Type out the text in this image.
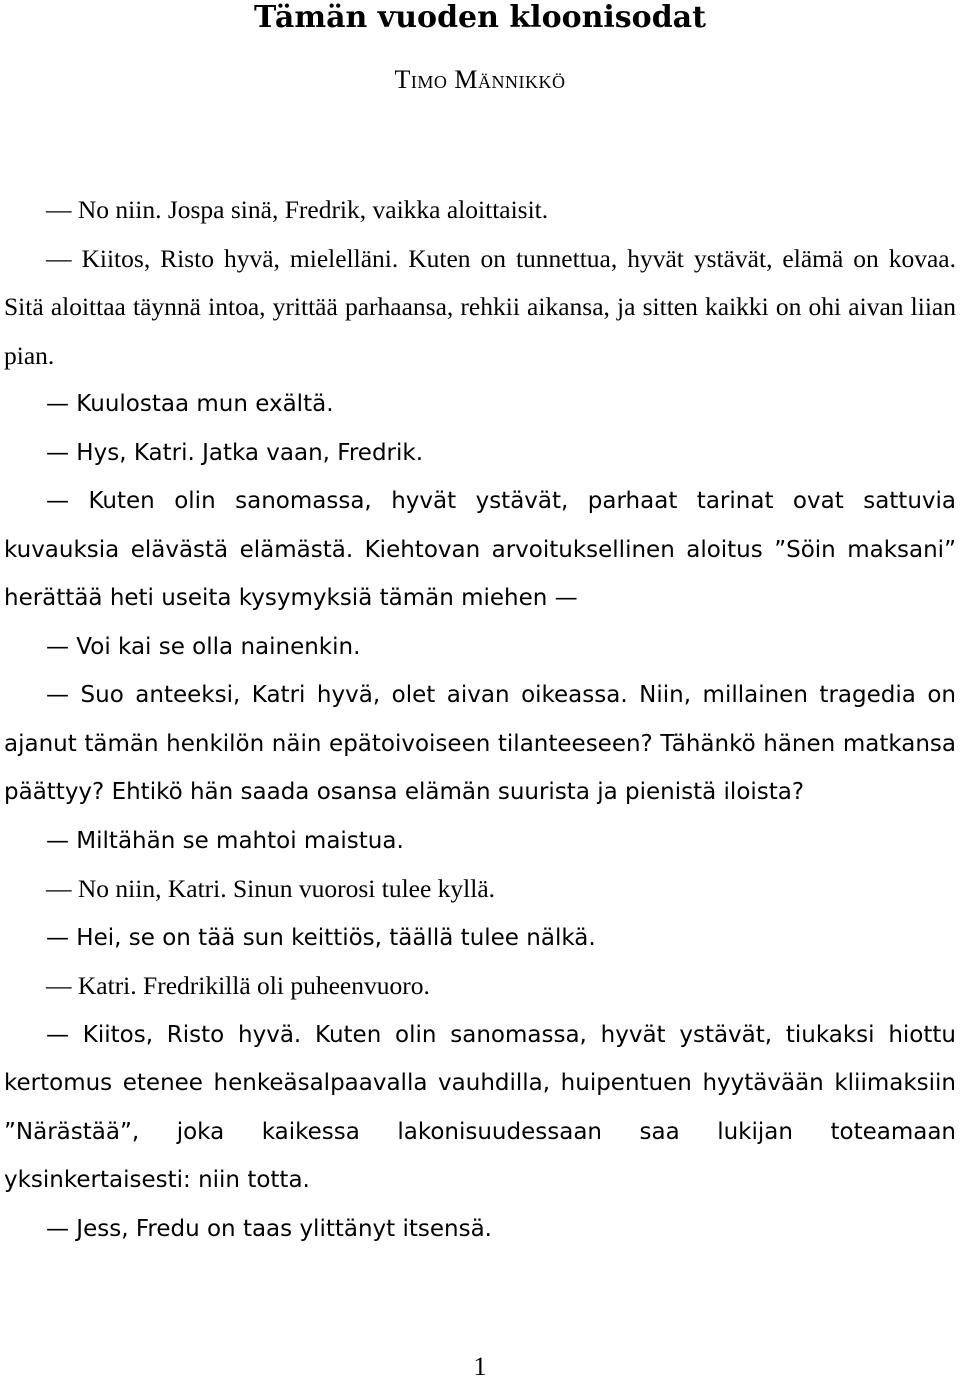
Tämän vuoden kloonisodat
Timo Männikkö

— No niin. Jospa sinä, Fredrik, vaikka aloittaisit.

— Kiitos, Risto hyvä, mielelläni. Kuten on tunnettua, hyvät ystävät, elämä on kovaa. Sitä aloittaa täynnä intoa, yrittää parhaansa, rehkii aikansa, ja sitten kaikki on ohi aivan liian pian.

— Kuulostaa mun exältä.

— Hys, Katri. Jatka vaan, Fredrik.

— Kuten olin sanomassa, hyvät ystävät, parhaat tarinat ovat sattuvia kuvauksia elävästä elämästä. Kiehtovan arvoituksellinen aloitus ”Söin maksani” herättää heti useita kysymyksiä tämän miehen —

— Voi kai se olla nainenkin.

— Suo anteeksi, Katri hyvä, olet aivan oikeassa. Niin, millainen tragedia on ajanut tämän henkilön näin epätoivoiseen tilanteeseen? Tähänkö hänen matkansa päättyy? Ehtikö hän saada osansa elämän suurista ja pienistä iloista?

— Miltähän se mahtoi maistua.

— No niin, Katri. Sinun vuorosi tulee kyllä.

— Hei, se on tää sun keittiös, täällä tulee nälkä.

— Katri. Fredrikillä oli puheenvuoro.

— Kiitos, Risto hyvä. Kuten olin sanomassa, hyvät ystävät, tiukaksi hiottu kertomus etenee henkeäsalpaavalla vauhdilla, huipentuen hyytävään kliimaksiin ”Närästää”, joka kaikessa lakonisuudessaan saa lukijan toteamaan yksinkertaisesti: niin totta.

— Jess, Fredu on taas ylittänyt itsensä.

1
